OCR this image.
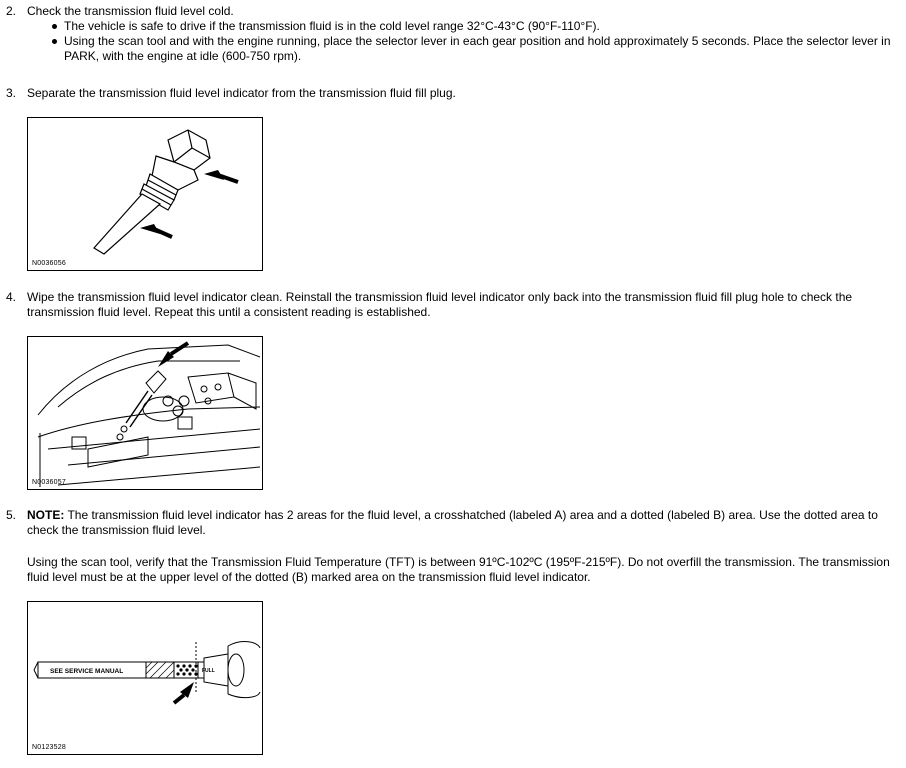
2. Check the transmission fluid level cold.
The vehicle is safe to drive if the transmission fluid is in the cold level range 32°C-43°C (90°F-110°F).
Using the scan tool and with the engine running, place the selector lever in each gear position and hold approximately 5 seconds. Place the selector lever in PARK, with the engine at idle (600-750 rpm).
3. Separate the transmission fluid level indicator from the transmission fluid fill plug.
N0036056
4. Wipe the transmission fluid level indicator clean. Reinstall the transmission fluid level indicator only back into the transmission fluid fill plug hole to check the transmission fluid level. Repeat this until a consistent reading is established.
N0036057
5. NOTE: The transmission fluid level indicator has 2 areas for the fluid level, a crosshatched (labeled A) area and a dotted (labeled B) area. Use the dotted area to check the transmission fluid level.
Using the scan tool, verify that the Transmission Fluid Temperature (TFT) is between 91ºC-102ºC (195ºF-215ºF). Do not overfill the transmission. The transmission fluid level must be at the upper level of the dotted (B) marked area on the transmission fluid level indicator.
SEE SERVICE MANUAL	FULL
N0123528
